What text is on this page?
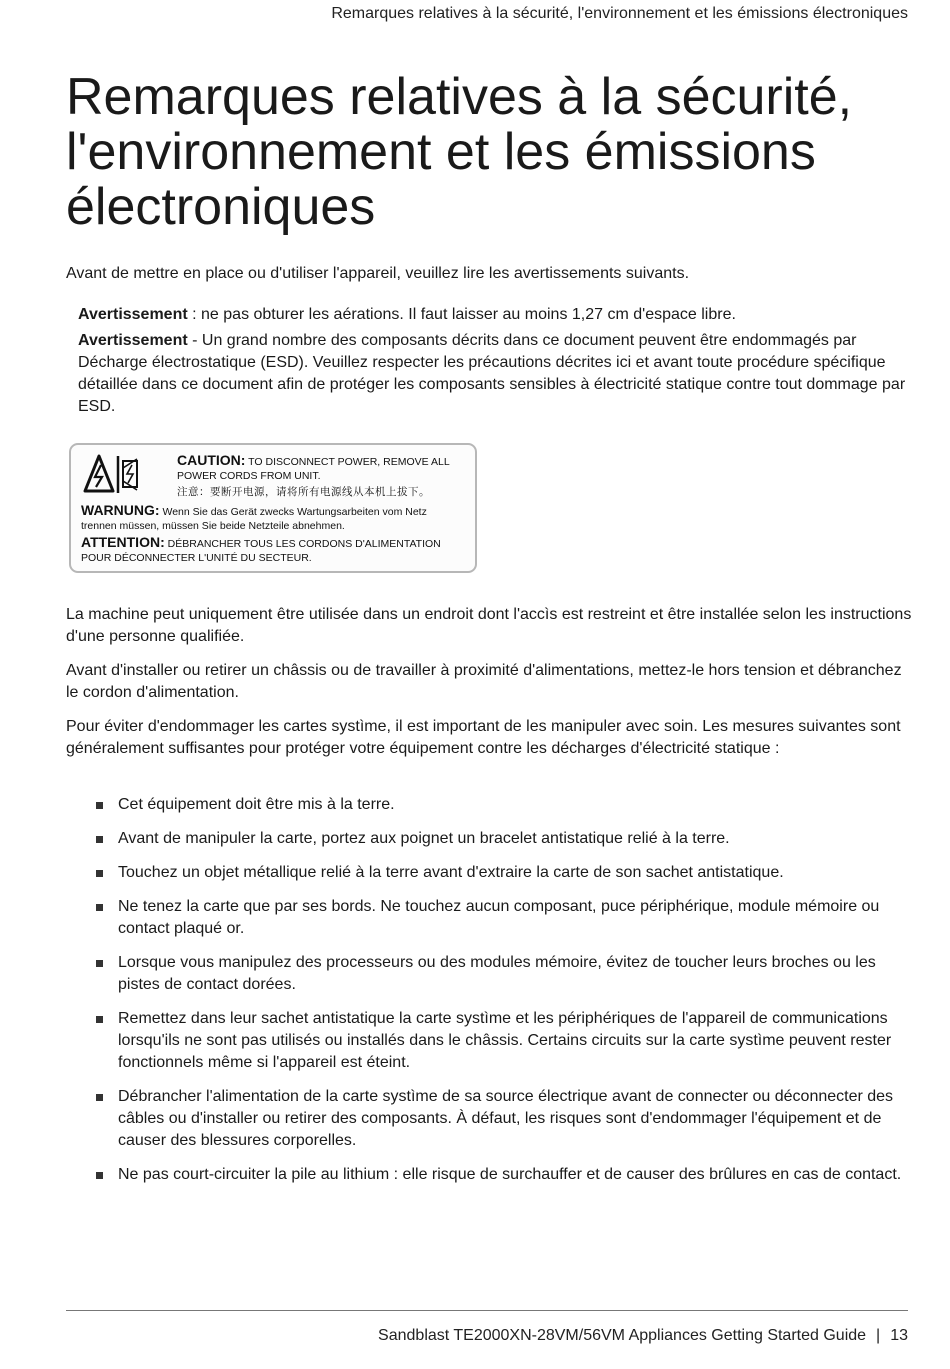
Remarques relatives à la sécurité, l'environnement et les émissions électroniques
Remarques relatives à la sécurité, l'environnement et les émissions électroniques
Avant de mettre en place ou d'utiliser l'appareil, veuillez lire les avertissements suivants.

Avertissement : ne pas obturer les aérations. Il faut laisser au moins 1,27 cm d'espace libre.

Avertissement - Un grand nombre des composants décrits dans ce document peuvent être endommagés par Décharge électrostatique (ESD). Veuillez respecter les précautions décrites ici et avant toute procédure spécifique détaillée dans ce document afin de protéger les composants sensibles à électricité statique contre tout dommage par ESD.

CAUTION: TO DISCONNECT POWER, REMOVE ALL
POWER CORDS FROM UNIT.
注意：要断开电源，请将所有电源线从本机上拔下。
WARNUNG: Wenn Sie das Gerät zwecks Wartungsarbeiten vom Netz
trennen müssen, müssen Sie beide Netzteile abnehmen.
ATTENTION: DÉBRANCHER TOUS LES CORDONS D'ALIMENTATION
POUR DÉCONNECTER L'UNITÉ DU SECTEUR.

La machine peut uniquement être utilisée dans un endroit dont l'accìs est restreint et être installée selon les instructions d'une personne qualifiée.

Avant d'installer ou retirer un châssis ou de travailler à proximité d'alimentations, mettez-le hors tension et débranchez le cordon d'alimentation.

Pour éviter d'endommager les cartes systìme, il est important de les manipuler avec soin. Les mesures suivantes sont généralement suffisantes pour protéger votre équipement contre les décharges d'électricité statique :

Cet équipement doit être mis à la terre.
Avant de manipuler la carte, portez aux poignet un bracelet antistatique relié à la terre.
Touchez un objet métallique relié à la terre avant d'extraire la carte de son sachet antistatique.
Ne tenez la carte que par ses bords. Ne touchez aucun composant, puce périphérique, module mémoire ou contact plaqué or.
Lorsque vous manipulez des processeurs ou des modules mémoire, évitez de toucher leurs broches ou les pistes de contact dorées.
Remettez dans leur sachet antistatique la carte systìme et les périphériques de l'appareil de communications lorsqu'ils ne sont pas utilisés ou installés dans le châssis. Certains circuits sur la carte systìme peuvent rester fonctionnels même si l'appareil est éteint.
Débrancher l'alimentation de la carte systìme de sa source électrique avant de connecter ou déconnecter des câbles ou d'installer ou retirer des composants. À défaut, les risques sont d'endommager l'équipement et de causer des blessures corporelles.
Ne pas court-circuiter la pile au lithium : elle risque de surchauffer et de causer des brûlures en cas de contact.
Sandblast TE2000XN-28VM/56VM Appliances Getting Started Guide | 13
